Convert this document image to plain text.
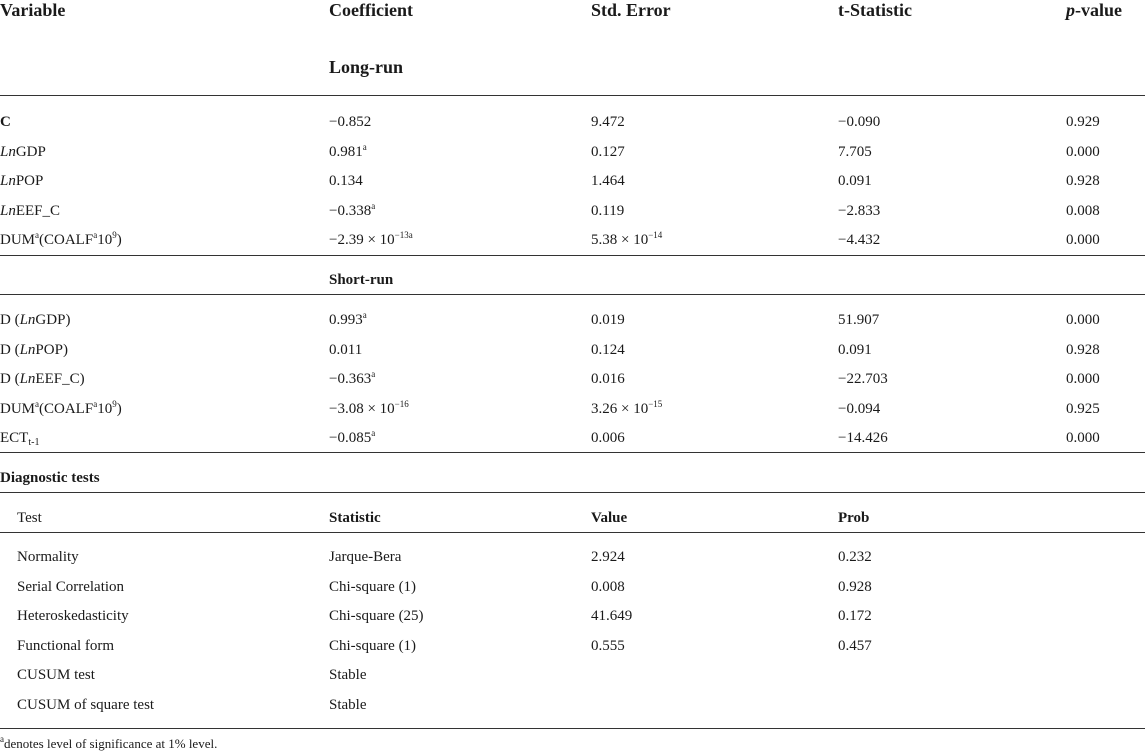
Variable	Coefficient	Std. Error	t-Statistic	p-value
Long-run
C	−0.852	9.472	−0.090	0.929
LnGDP	0.981$^a$	0.127	7.705	0.000
LnPOP	0.134	1.464	0.091	0.928
LnEEF_C	−0.338$^a$	0.119	−2.833	0.008
$DUM^a(COALF^a10^9)$	$-2.39 \times 10^{-13a}$	$5.38 \times 10^{-14}$	−4.432	0.000
Short-run
D (LnGDP)	0.993$^a$	0.019	51.907	0.000
D (LnPOP)	0.011	0.124	0.091	0.928
D (LnEEF_C)	−0.363$^a$	0.016	−22.703	0.000
$DUM^a(COALF^a10^9)$	$-3.08 \times 10^{-16}$	$3.26 \times 10^{-15}$	−0.094	0.925
$ECT_{t-1}$	−0.085$^a$	0.006	−14.426	0.000
Diagnostic tests
Test	Statistic	Value	Prob
Normality	Jarque-Bera	2.924	0.232
Serial Correlation	Chi-square (1)	0.008	0.928
Heteroskedasticity	Chi-square (25)	41.649	0.172
Functional form	Chi-square (1)	0.555	0.457
CUSUM test	Stable
CUSUM of square test	Stable
$^a$denotes level of significance at 1% level.
